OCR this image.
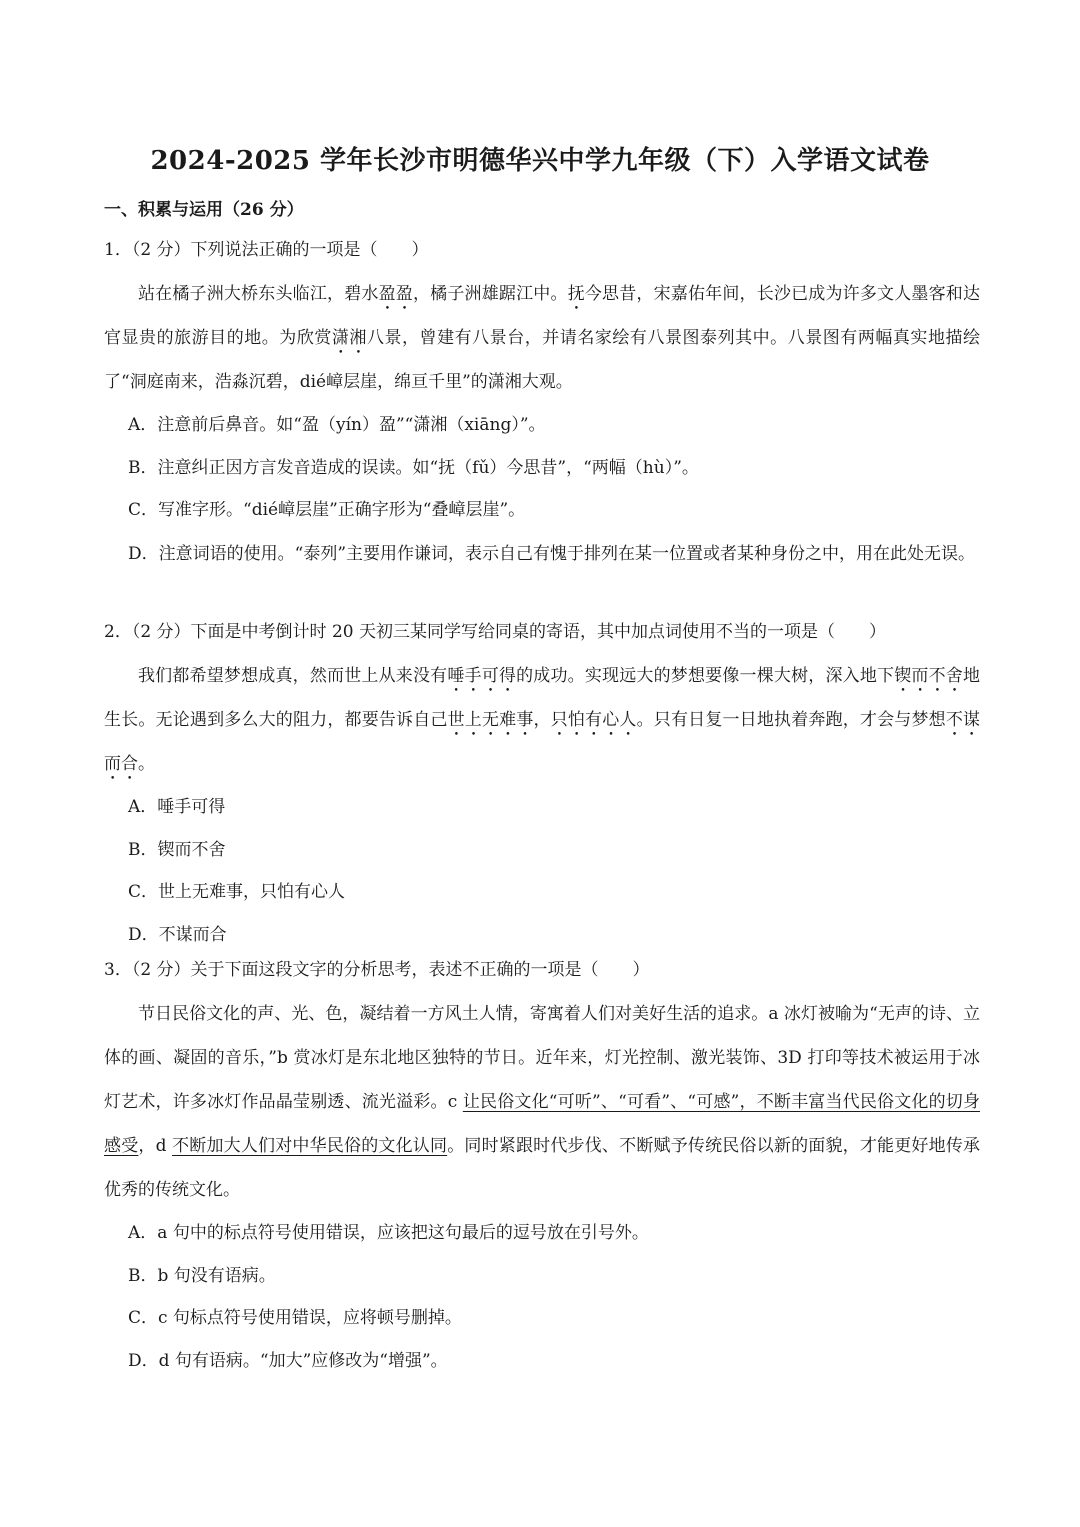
2024-2025 学年长沙市明德华兴中学九年级（下）入学语文试卷
一、积累与运用（26 分）
1．（2 分）下列说法正确的一项是（　　）

站在橘子洲大桥东头临江，碧水盈盈，橘子洲雄踞江中。抚今思昔，宋嘉佑年间，长沙已成为许多文人墨客和达官显贵的旅游目的地。为欣赏潇湘八景，曾建有八景台，并请名家绘有八景图泰列其中。八景图有两幅真实地描绘了“洞庭南来，浩淼沉碧，dié嶂层崖，绵亘千里”的潇湘大观。

A．注意前后鼻音。如“盈（yín）盈”“潇湘（xiāng）”。
B．注意纠正因方言发音造成的误读。如“抚（fǔ）今思昔”，“两幅（hù）”。
C．写准字形。“dié嶂层崖”正确字形为“叠嶂层崖”。
D．注意词语的使用。“泰列”主要用作谦词，表示自己有愧于排列在某一位置或者某种身份之中，用在此处无误。
2．（2 分）下面是中考倒计时 20 天初三某同学写给同桌的寄语，其中加点词使用不当的一项是（　　）

我们都希望梦想成真，然而世上从来没有唾手可得的成功。实现远大的梦想要像一棵大树，深入地下锲而不舍地生长。无论遇到多么大的阻力，都要告诉自己世上无难事，只怕有心人。只有日复一日地执着奔跑，才会与梦想不谋而合。

A．唾手可得
B．锲而不舍
C．世上无难事，只怕有心人
D．不谋而合
3．（2 分）关于下面这段文字的分析思考，表述不正确的一项是（　　）

节日民俗文化的声、光、色，凝结着一方风土人情，寄寓着人们对美好生活的追求。a 冰灯被喻为“无声的诗、立体的画、凝固的音乐，”b 赏冰灯是东北地区独特的节日。近年来，灯光控制、激光装饰、3D 打印等技术被运用于冰灯艺术，许多冰灯作品晶莹剔透、流光溢彩。c 让民俗文化“可听”、“可看”、“可感”，不断丰富当代民俗文化的切身感受，d 不断加大人们对中华民俗的文化认同。同时紧跟时代步伐、不断赋予传统民俗以新的面貌，才能更好地传承优秀的传统文化。

A．a 句中的标点符号使用错误，应该把这句最后的逗号放在引号外。
B．b 句没有语病。
C．c 句标点符号使用错误，应将顿号删掉。
D．d 句有语病。“加大”应修改为“增强”。
